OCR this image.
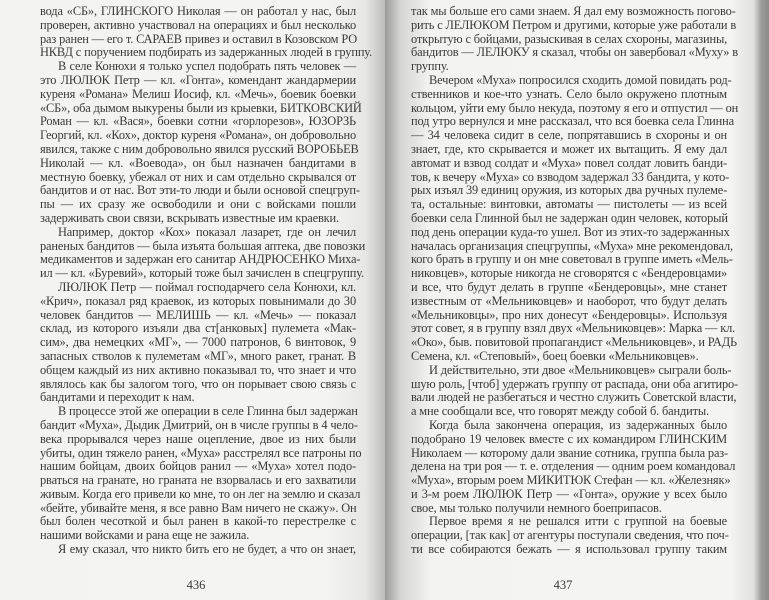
вода «СБ», ГЛИНСКОГО Николая — он работал у нас, был
проверен, активно участвовал на операциях и был несколько
раз ранен — его т. САРАЕВ привез и оставил в Козовском РО
НКВД с поручением подбирать из задержанных людей в группу.
В селе Конюхи я только успел подобрать пять человек —
это ЛЮЛЮК Петр — кл. «Гонта», комендант жандармерии
куреня «Романа» Мелиш Иосиф, кл. «Мечь», боевик боевки
«СБ», оба дымом выкурены были из крыевки, БИТКОВСКИЙ
Роман — кл. «Вася», боевки сотни «горлорезов», ЮЗОРЗЬ
Георгий, кл. «Кох», доктор куреня «Романа», он добровольно
явился, также с ним добровольно явился русский ВОРОБЬЕВ
Николай — кл. «Воевода», он был назначен бандитами в
местную боевку, убежал от них и сам отдельно скрывался от
бандитов и от нас. Вот эти-то люди и были основой спецгруп-
пы — их сразу же освободили и они с войсками пошли
задерживать свои связи, вскрывать известные им краевки.
Например, доктор «Кох» показал лазарет, где он лечил
раненых бандитов — была изъята большая аптека, две повозки
медикаментов и задержан его санитар АНДРЮСЕНКО Миха-
ил — кл. «Буревий», который тоже был зачислен в спецгруппу.
ЛЮЛЮК Петр — поймал господарчего села Конюхи, кл.
«Крич», показал ряд краевок, из которых повынимали до 30
человек бандитов — МЕЛИШЬ — кл. «Мечь» — показал
склад, из которого изъяли два ст[анковых] пулемета «Мак-
сим», два немецких «МГ», — 7000 патронов, 6 винтовок, 9
запасных стволов к пулеметам «МГ», много ракет, гранат. В
общем каждый из них активно показывал то, что знает и что
являлось как бы залогом того, что он порывает свою связь с
бандитами и переходит к нам.
В процессе этой же операции в селе Глинна был задержан
бандит «Муха», Дыдик Дмитрий, он в числе группы в 4 чело-
века прорывался через наше оцепление, двое из них были
убиты, один тяжело ранен, «Муха» расстрелял все патроны по
нашим бойцам, двоих бойцов ранил — «Муха» хотел подо-
рваться на гранате, но граната не взорвалась и его захватили
живым. Когда его привели ко мне, то он лег на землю и сказал
«бейте, убивайте меня, я все равно Вам ничего не скажу». Он
был болен чесоткой и был ранен в какой-то перестрелке с
нашими войсками и рана еще не зажила.
Я ему сказал, что никто бить его не будет, а что он знает,
436
так мы больше его сами знаем. Я дал ему возможность погово-
рить с ЛЕЛЮКОМ Петром и другими, которые уже работали в
открытую с бойцами, разыскивая в селах схороны, магазины,
бандитов — ЛЕЛЮКУ я сказал, чтобы он завербовал «Муху» в
группу.
Вечером «Муха» попросился сходить домой повидать род-
ственников и кое-что узнать. Село было окружено плотным
кольцом, уйти ему было некуда, поэтому я его и отпустил — он
под утро вернулся и мне рассказал, что вся боевка села Глинна
— 34 человека сидит в селе, попрятавшись в схороны и он
знает, где, кто скрывается и может их вытащить. Я ему дал
автомат и взвод солдат и «Муха» повел солдат ловить банди-
тов, к вечеру «Муха» со взводом задержал 33 бандита, у кото-
рых изъял 39 единиц оружия, из которых два ручных пулеме-
та, остальные: винтовки, автоматы — пистолеты — из всей
боевки села Глинной был не задержан один человек, который
под день операции куда-то ушел. Вот из этих-то задержанных
началась организация спецгруппы, «Муха» мне рекомендовал,
кого брать в группу и он мне советовал в группе иметь «Мель-
никовцев», которые никогда не сговорятся с «Бендеровцами»
и все, что будут делать в группе «Бендеровцы», мне станет
известным от «Мельниковцев» и наоборот, что будут делать
«Мельниковцы», про них донесут «Бендеровцы». Используя
этот совет, я в группу взял двух «Мельниковцев»: Марка — кл.
«Око», быв. повитовой пропагандист «Мельниковцев», и РАДЬ
Семена, кл. «Степовый», боец боевки «Мельниковцев».
И действительно, эти двое «Мельниковцев» сыграли боль-
шую роль, [чтоб] удержать группу от распада, они оба агитиро-
вали людей не разбегаться и честно служить Советской власти,
а мне сообщали все, что говорят между собой б. бандиты.
Когда была закончена операция, из задержанных было
подобрано 19 человек вместе с их командиром ГЛИНСКИМ
Николаем — которому дали звание сотника, группа была раз-
делена на три роя — т. е. отделения — одним роем командовал
«Муха», вторым роем МИКИТЮК Стефан — кл. «Железняк»
и 3-м роем ЛЮЛЮК Петр — «Гонта», оружие у всех было
свое, мы только получили немного боеприпасов.
Первое время я не решался итти с группой на боевые
операции, [так как] от агентуры поступали сведения, что поч-
ти все собираются бежать — я использовал группу таким
437
